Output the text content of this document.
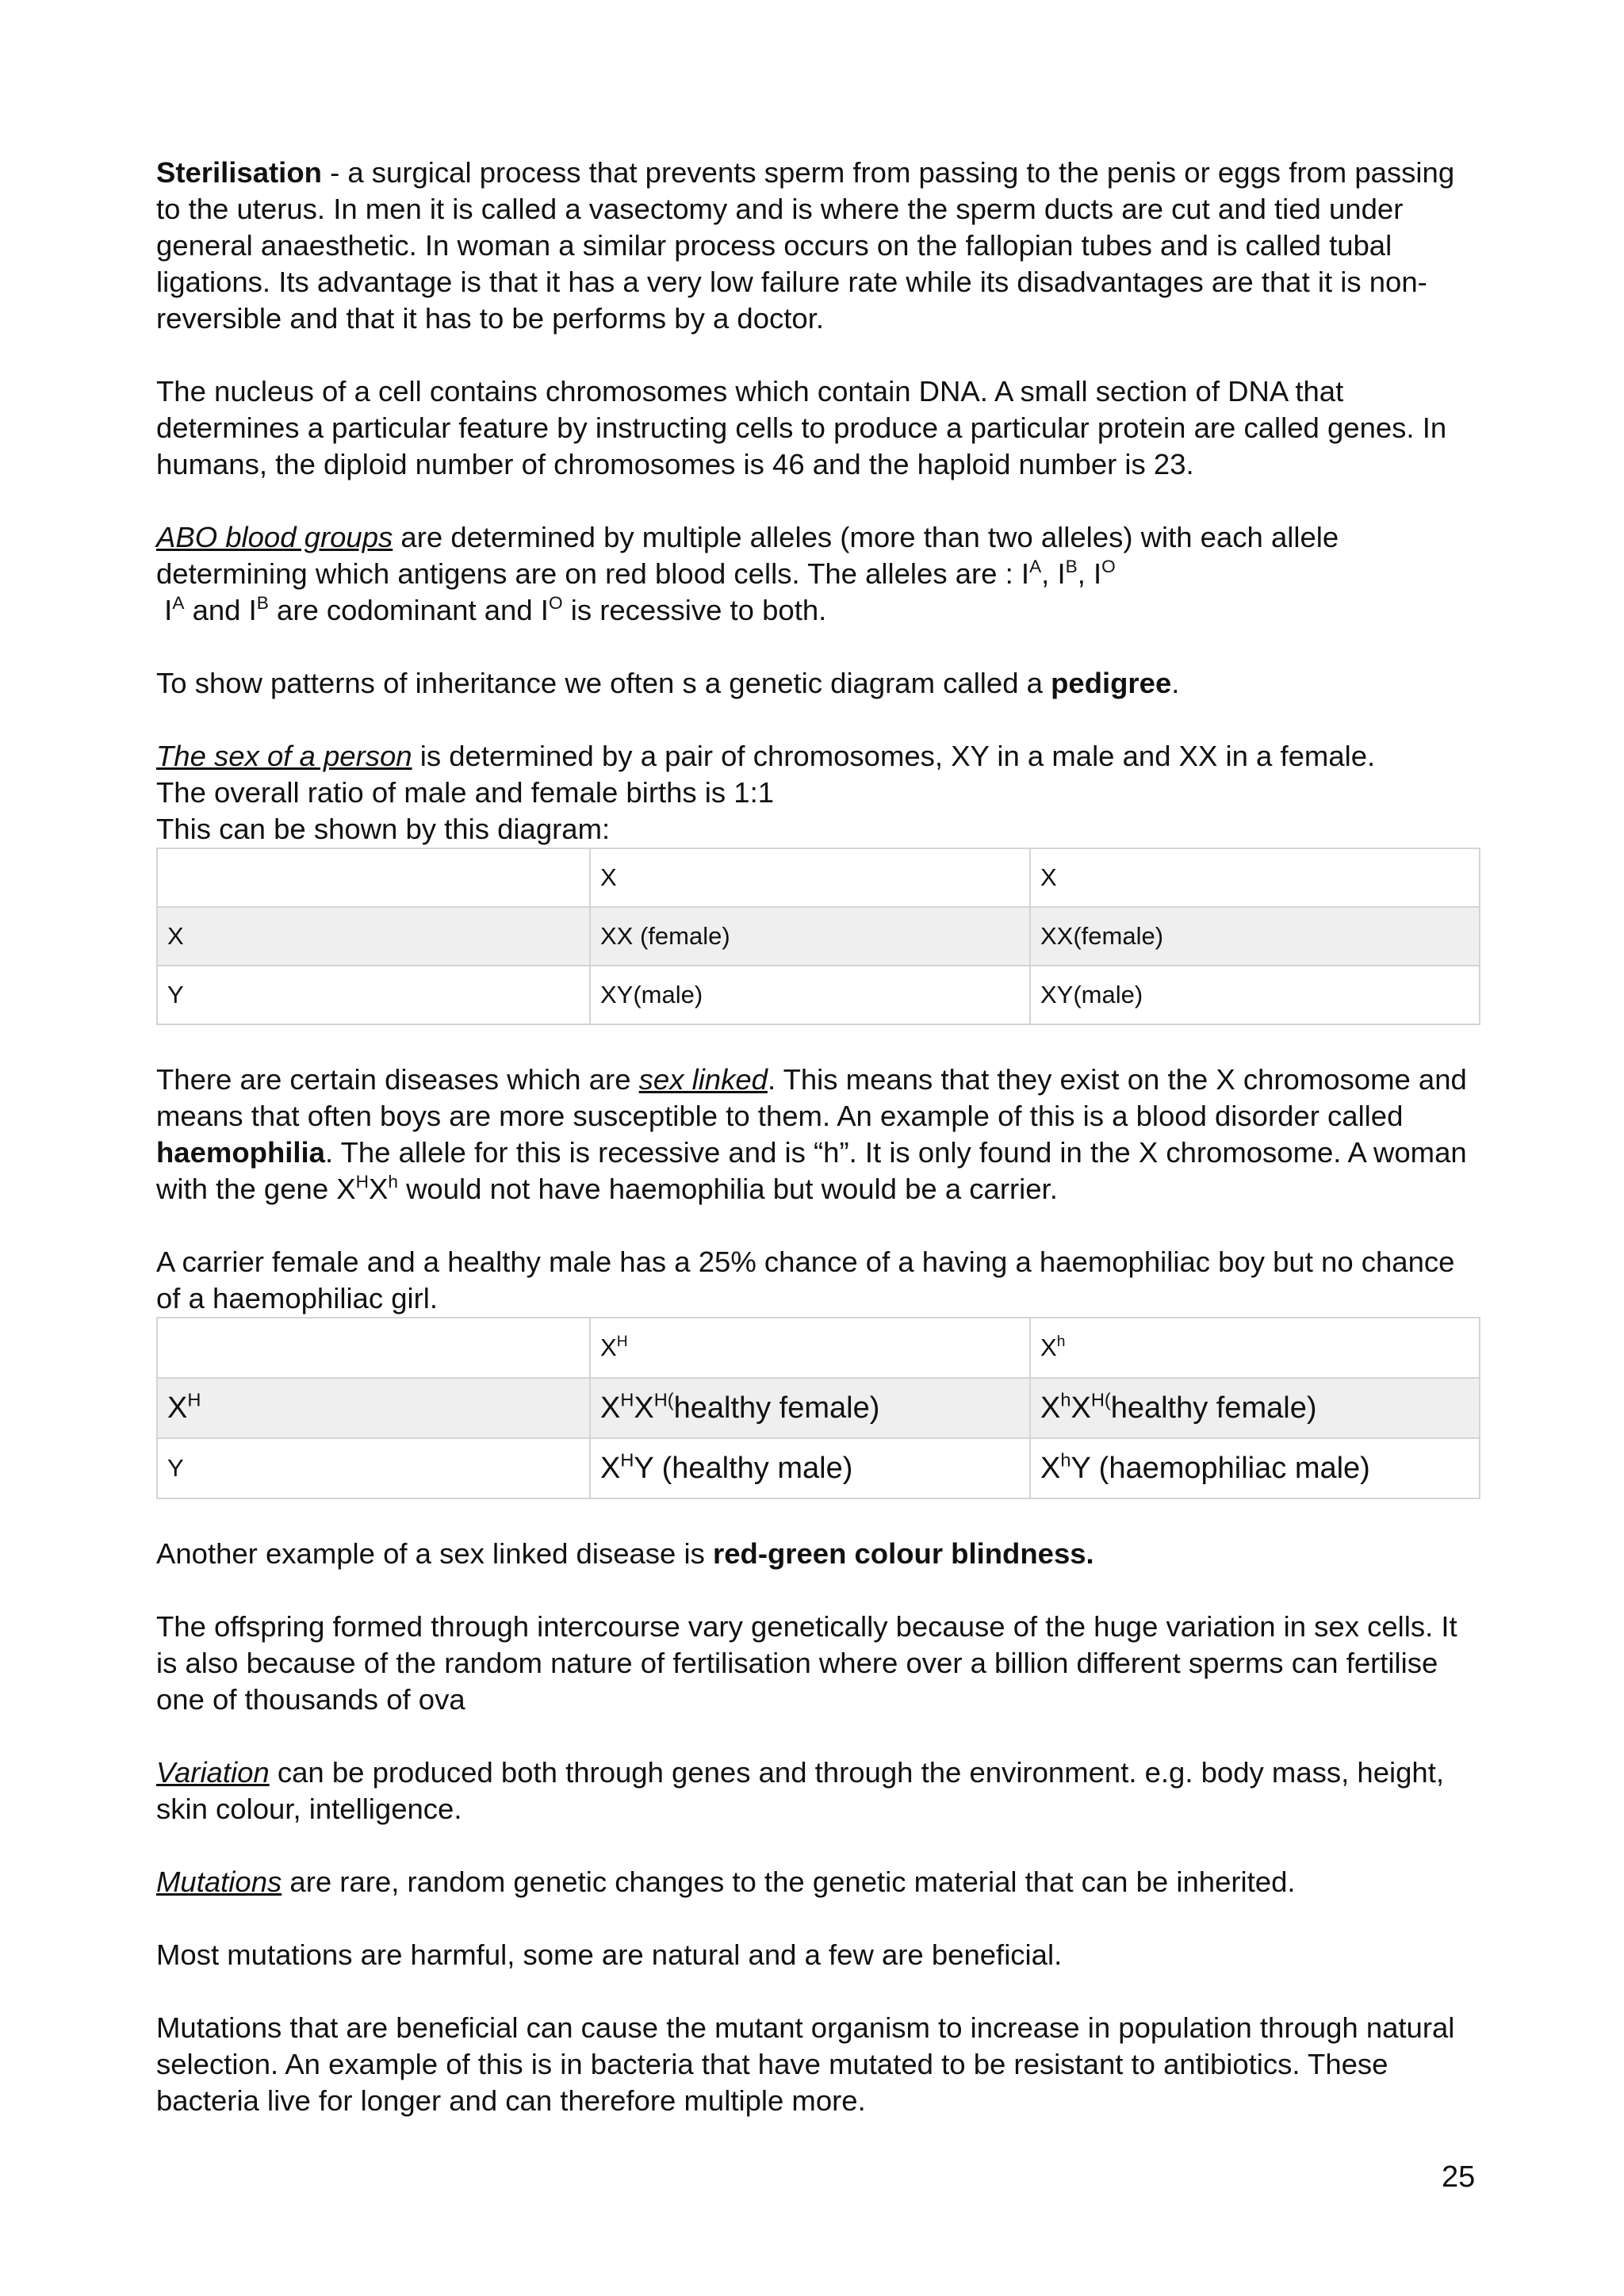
Sterilisation - a surgical process that prevents sperm from passing to the penis or eggs from passing to the uterus. In men it is called a vasectomy and is where the sperm ducts are cut and tied under general anaesthetic. In woman a similar process occurs on the fallopian tubes and is called tubal ligations. Its advantage is that it has a very low failure rate while its disadvantages are that it is non-reversible and that it has to be performs by a doctor.

The nucleus of a cell contains chromosomes which contain DNA. A small section of DNA that determines a particular feature by instructing cells to produce a particular protein are called genes. In humans, the diploid number of chromosomes is 46 and the haploid number is 23.

ABO blood groups are determined by multiple alleles (more than two alleles) with each allele determining which antigens are on red blood cells. The alleles are : $I^A$, $I^B$, $I^O$
$I^A$ and $I^B$ are codominant and $I^O$ is recessive to both.

To show patterns of inheritance we often s a genetic diagram called a pedigree.

The sex of a person is determined by a pair of chromosomes, XY in a male and XX in a female.
The overall ratio of male and female births is 1:1
This can be shown by this diagram:

	X	X
X	XX (female)	XX(female)
Y	XY(male)	XY(male)

There are certain diseases which are sex linked. This means that they exist on the X chromosome and means that often boys are more susceptible to them. An example of this is a blood disorder called haemophilia. The allele for this is recessive and is “h”. It is only found in the X chromosome. A woman with the gene $X^HX^h$ would not have haemophilia but would be a carrier.

A carrier female and a healthy male has a 25% chance of a having a haemophiliac boy but no chance of a haemophiliac girl.

	$X^H$	$X^h$
$X^H$	$X^HX^{H(}healthy$ female)	$X^hX^{H(}healthy$ female)
Y	$X^HY$ (healthy male)	$X^hY$ (haemophiliac male)

Another example of a sex linked disease is red-green colour blindness.

The offspring formed through intercourse vary genetically because of the huge variation in sex cells. It is also because of the random nature of fertilisation where over a billion different sperms can fertilise one of thousands of ova

Variation can be produced both through genes and through the environment. e.g. body mass, height, skin colour, intelligence.

Mutations are rare, random genetic changes to the genetic material that can be inherited.

Most mutations are harmful, some are natural and a few are beneficial.

Mutations that are beneficial can cause the mutant organism to increase in population through natural selection. An example of this is in bacteria that have mutated to be resistant to antibiotics. These bacteria live for longer and can therefore multiple more.

25
